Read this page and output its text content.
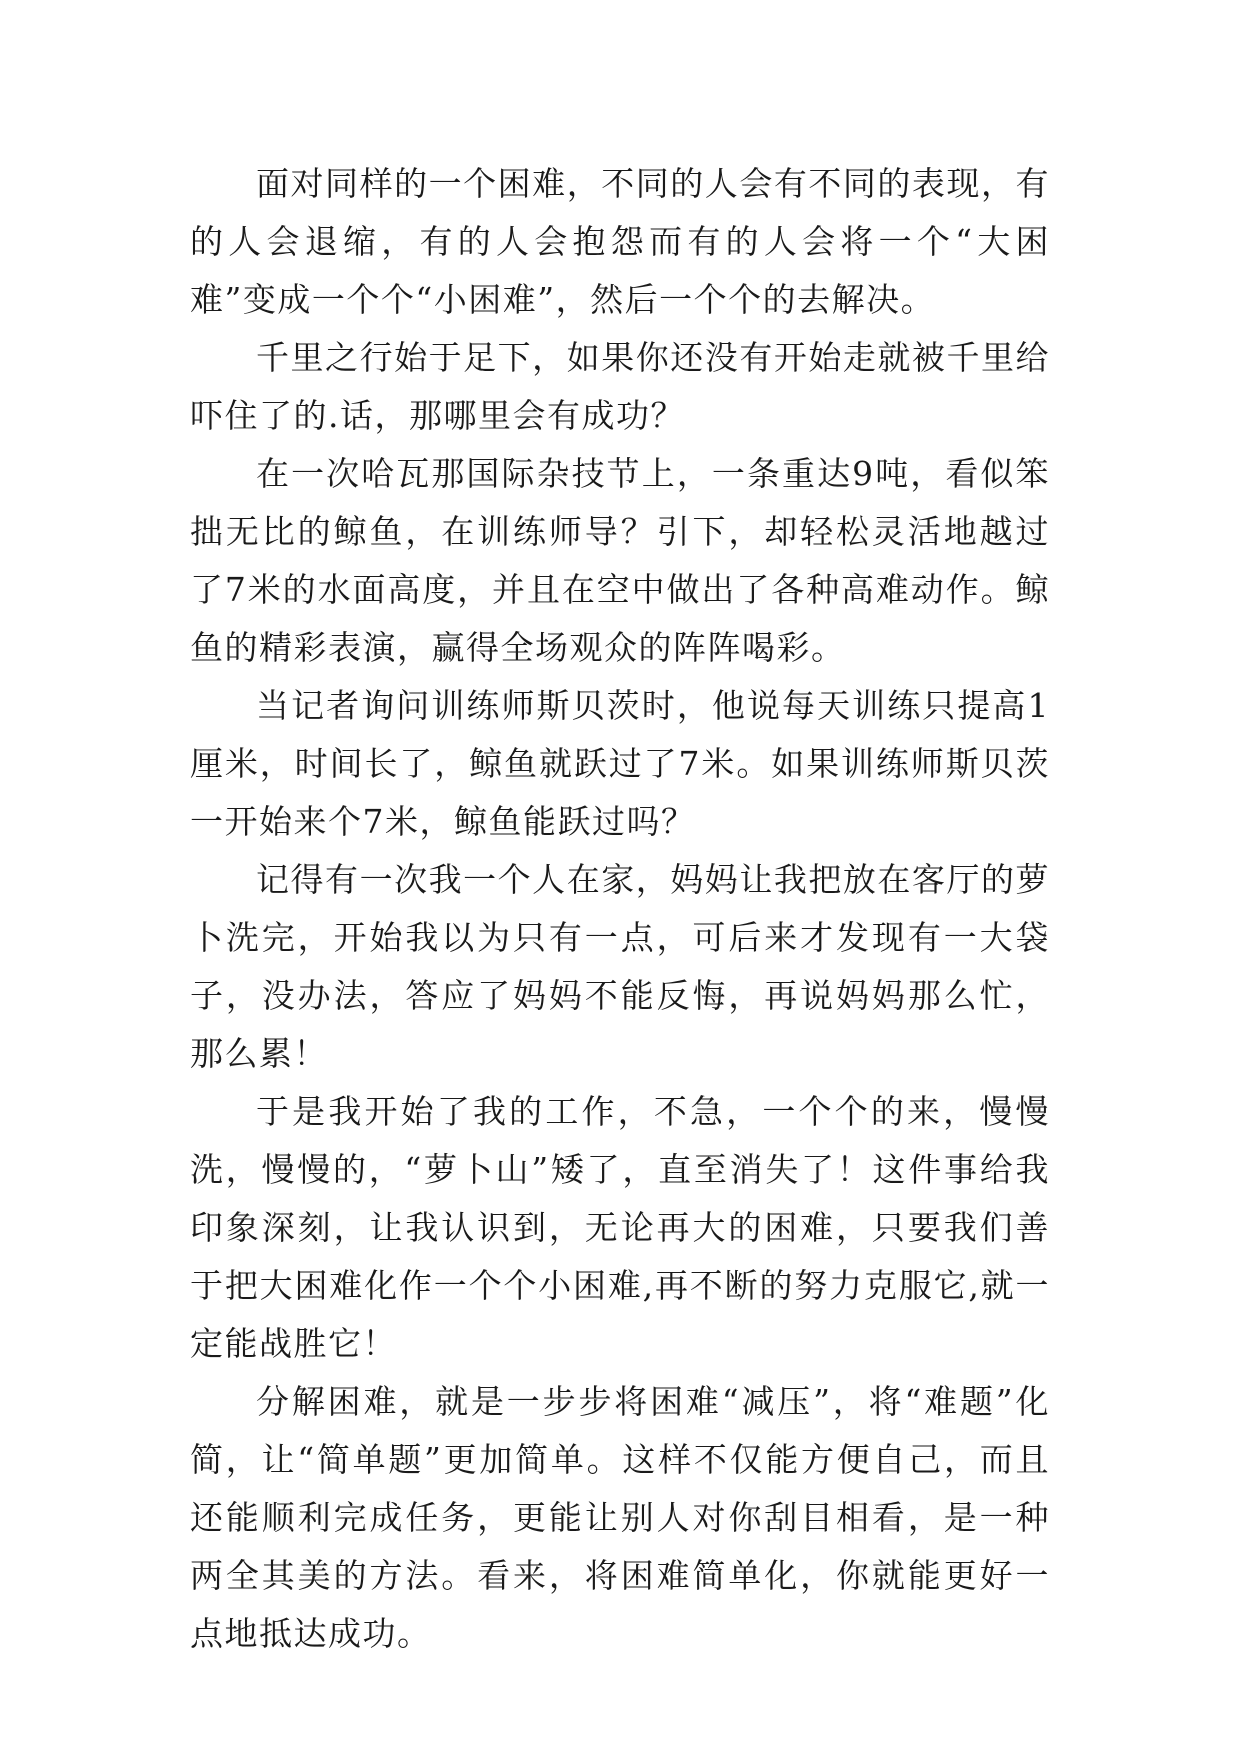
面对同样的一个困难，不同的人会有不同的表现，有的人会退缩，有的人会抱怨而有的人会将一个“大困难”变成一个个“小困难”，然后一个个的去解决。

千里之行始于足下，如果你还没有开始走就被千里给吓住了的.话，那哪里会有成功？

在一次哈瓦那国际杂技节上，一条重达9吨，看似笨拙无比的鲸鱼，在训练师导？引下，却轻松灵活地越过了7米的水面高度，并且在空中做出了各种高难动作。鲸鱼的精彩表演，赢得全场观众的阵阵喝彩。

当记者询问训练师斯贝茨时，他说每天训练只提高1厘米，时间长了，鲸鱼就跃过了7米。如果训练师斯贝茨一开始来个7米，鲸鱼能跃过吗？

记得有一次我一个人在家，妈妈让我把放在客厅的萝卜洗完，开始我以为只有一点，可后来才发现有一大袋子，没办法，答应了妈妈不能反悔，再说妈妈那么忙，那么累！

于是我开始了我的工作，不急，一个个的来，慢慢洗，慢慢的，“萝卜山”矮了，直至消失了！这件事给我印象深刻，让我认识到，无论再大的困难，只要我们善于把大困难化作一个个小困难,再不断的努力克服它,就一定能战胜它！

分解困难，就是一步步将困难“减压”，将“难题”化简，让“简单题”更加简单。这样不仅能方便自己，而且还能顺利完成任务，更能让别人对你刮目相看，是一种两全其美的方法。看来，将困难简单化，你就能更好一点地抵达成功。
